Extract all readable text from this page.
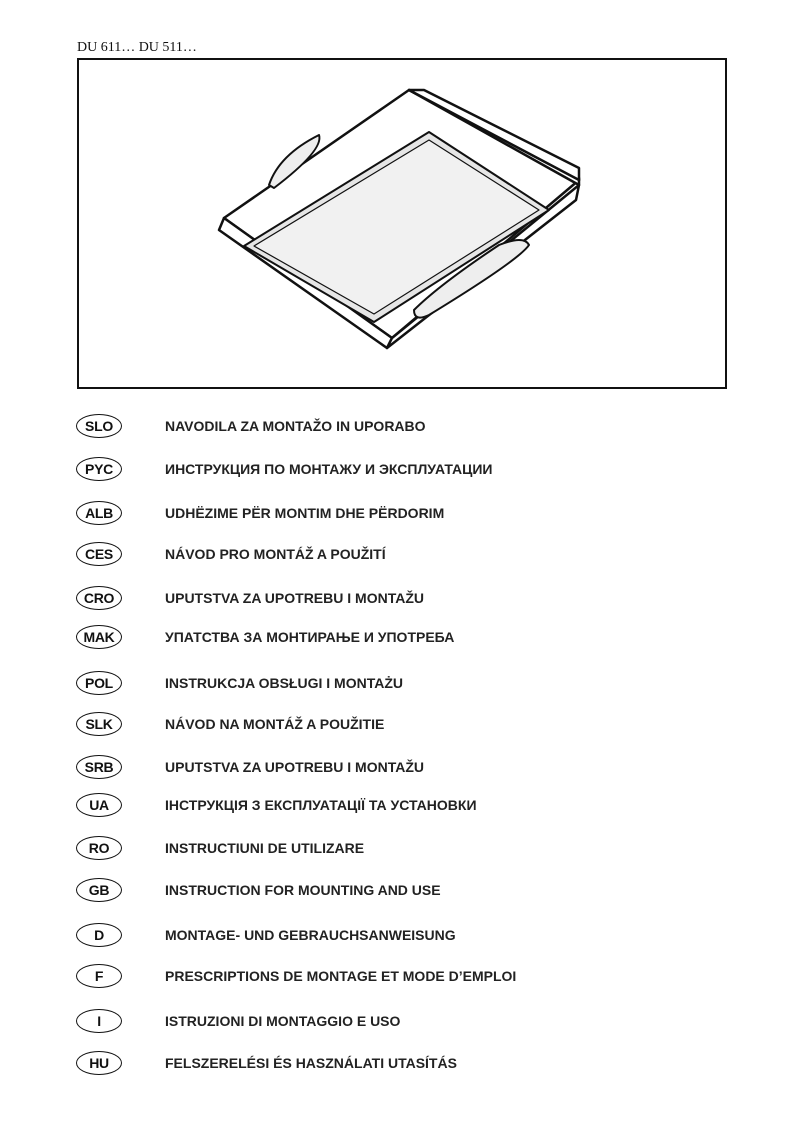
DU 611… DU 511…
SLO	NAVODILA ZA MONTAŽO IN UPORABO
PYC	ИНСТРУКЦИЯ ПО МОНТАЖУ И ЭКСПЛУАТАЦИИ
ALB	UDHËZIME PËR MONTIM DHE PËRDORIM
CES	NÁVOD PRO MONTÁŽ A POUŽITÍ
CRO	UPUTSTVA ZA UPOTREBU I MONTAŽU
MAK	УПАТСТВА ЗА МОНТИРАЊЕ И УПОТРЕБА
POL	INSTRUKCJA OBSŁUGI I MONTAŻU
SLK	NÁVOD NA MONTÁŽ A POUŽITIE
SRB	UPUTSTVA ZA UPOTREBU I MONTAŽU
UA	ІНСТРУКЦІЯ З ЕКСПЛУАТАЦІЇ ТА УСТАНОВКИ
RO	INSTRUCTIUNI DE UTILIZARE
GB	INSTRUCTION FOR MOUNTING AND USE
D	MONTAGE- UND GEBRAUCHSANWEISUNG
F	PRESCRIPTIONS DE MONTAGE ET MODE D’EMPLOI
I	ISTRUZIONI DI MONTAGGIO E USO
HU	FELSZERELÉSI ÉS HASZNÁLATI UTASÍTÁS
